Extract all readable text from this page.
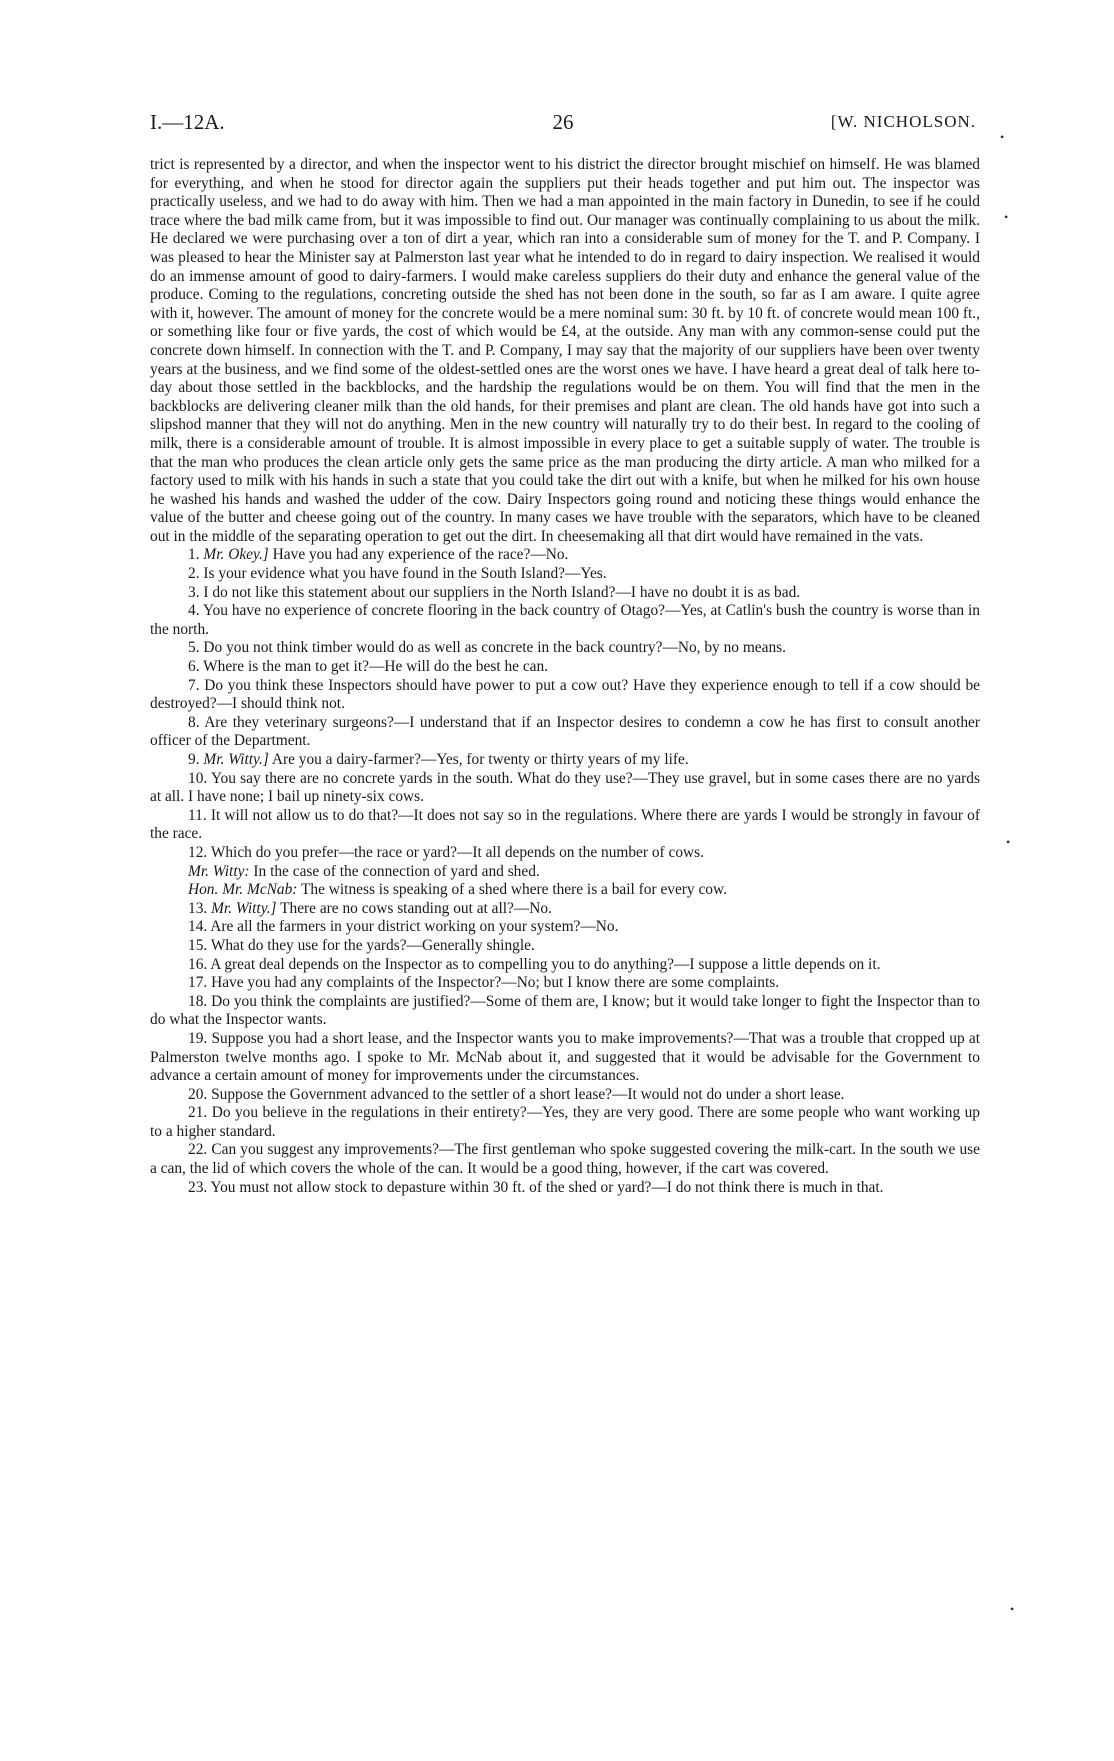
I.—12A.	26	[W. NICHOLSON.

trict is represented by a director, and when the inspector went to his district the director brought mischief on himself. He was blamed for everything, and when he stood for director again the suppliers put their heads together and put him out. The inspector was practically useless, and we had to do away with him. Then we had a man appointed in the main factory in Dunedin, to see if he could trace where the bad milk came from, but it was impossible to find out. Our manager was continually complaining to us about the milk. He declared we were purchasing over a ton of dirt a year, which ran into a considerable sum of money for the T. and P. Company. I was pleased to hear the Minister say at Palmerston last year what he intended to do in regard to dairy inspection. We realised it would do an immense amount of good to dairy-farmers. I would make careless suppliers do their duty and enhance the general value of the produce. Coming to the regulations, concreting outside the shed has not been done in the south, so far as I am aware. I quite agree with it, however. The amount of money for the concrete would be a mere nominal sum: 30 ft. by 10 ft. of concrete would mean 100 ft., or something like four or five yards, the cost of which would be £4, at the outside. Any man with any common-sense could put the concrete down himself. In connection with the T. and P. Company, I may say that the majority of our suppliers have been over twenty years at the business, and we find some of the oldest-settled ones are the worst ones we have. I have heard a great deal of talk here to-day about those settled in the backblocks, and the hardship the regulations would be on them. You will find that the men in the backblocks are delivering cleaner milk than the old hands, for their premises and plant are clean. The old hands have got into such a slipshod manner that they will not do anything. Men in the new country will naturally try to do their best. In regard to the cooling of milk, there is a considerable amount of trouble. It is almost impossible in every place to get a suitable supply of water. The trouble is that the man who produces the clean article only gets the same price as the man producing the dirty article. A man who milked for a factory used to milk with his hands in such a state that you could take the dirt out with a knife, but when he milked for his own house he washed his hands and washed the udder of the cow. Dairy Inspectors going round and noticing these things would enhance the value of the butter and cheese going out of the country. In many cases we have trouble with the separators, which have to be cleaned out in the middle of the separating operation to get out the dirt. In cheesemaking all that dirt would have remained in the vats.

1. Mr. Okey.] Have you had any experience of the race?—No.

2. Is your evidence what you have found in the South Island?—Yes.

3. I do not like this statement about our suppliers in the North Island?—I have no doubt it is as bad.

4. You have no experience of concrete flooring in the back country of Otago?—Yes, at Catlin's bush the country is worse than in the north.

5. Do you not think timber would do as well as concrete in the back country?—No, by no means.

6. Where is the man to get it?—He will do the best he can.

7. Do you think these Inspectors should have power to put a cow out? Have they experience enough to tell if a cow should be destroyed?—I should think not.

8. Are they veterinary surgeons?—I understand that if an Inspector desires to condemn a cow he has first to consult another officer of the Department.

9. Mr. Witty.] Are you a dairy-farmer?—Yes, for twenty or thirty years of my life.

10. You say there are no concrete yards in the south. What do they use?—They use gravel, but in some cases there are no yards at all. I have none; I bail up ninety-six cows.

11. It will not allow us to do that?—It does not say so in the regulations. Where there are yards I would be strongly in favour of the race.

12. Which do you prefer—the race or yard?—It all depends on the number of cows.

Mr. Witty: In the case of the connection of yard and shed.

Hon. Mr. McNab: The witness is speaking of a shed where there is a bail for every cow.

13. Mr. Witty.] There are no cows standing out at all?—No.

14. Are all the farmers in your district working on your system?—No.

15. What do they use for the yards?—Generally shingle.

16. A great deal depends on the Inspector as to compelling you to do anything?—I suppose a little depends on it.

17. Have you had any complaints of the Inspector?—No; but I know there are some complaints.

18. Do you think the complaints are justified?—Some of them are, I know; but it would take longer to fight the Inspector than to do what the Inspector wants.

19. Suppose you had a short lease, and the Inspector wants you to make improvements?—That was a trouble that cropped up at Palmerston twelve months ago. I spoke to Mr. McNab about it, and suggested that it would be advisable for the Government to advance a certain amount of money for improvements under the circumstances.

20. Suppose the Government advanced to the settler of a short lease?—It would not do under a short lease.

21. Do you believe in the regulations in their entirety?—Yes, they are very good. There are some people who want working up to a higher standard.

22. Can you suggest any improvements?—The first gentleman who spoke suggested covering the milk-cart. In the south we use a can, the lid of which covers the whole of the can. It would be a good thing, however, if the cart was covered.

23. You must not allow stock to depasture within 30 ft. of the shed or yard?—I do not think there is much in that.

•
•
•
•
